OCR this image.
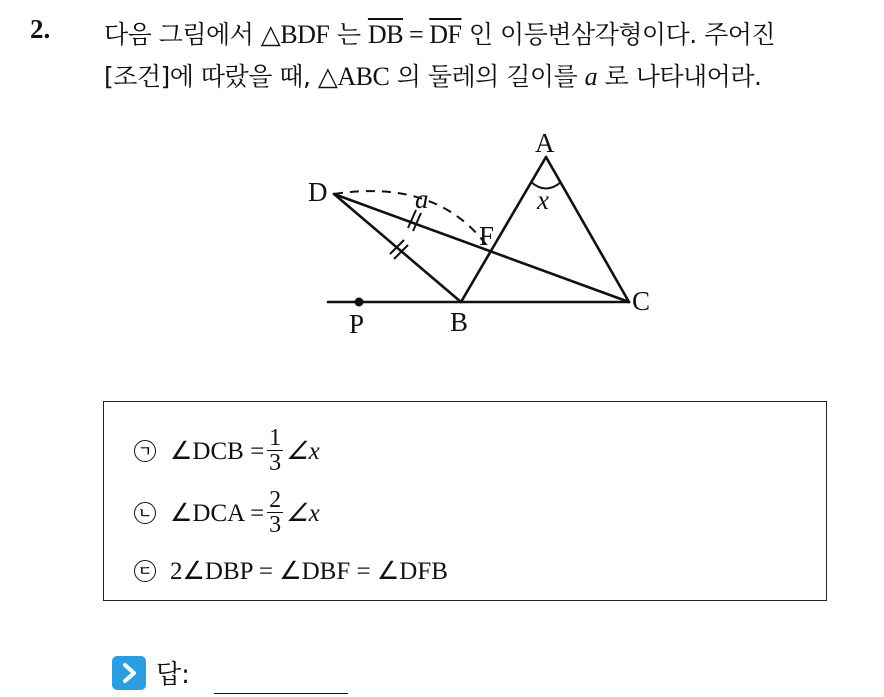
2. 다음 그림에서 △BDF 는 $\overline{DB} = \overline{DF}$ 인 이등변삼각형이다. 주어진
[조건]에 따랐을 때, △ABC 의 둘레의 길이를 a 로 나타내어라.
A
D
F
C
B
P
a	x
ㄱ ∠DCB = $\frac{1}{3}$ ∠x
ㄴ ∠DCA = $\frac{2}{3}$ ∠x
ㄷ 2∠DBP = ∠DBF = ∠DFB
답:
